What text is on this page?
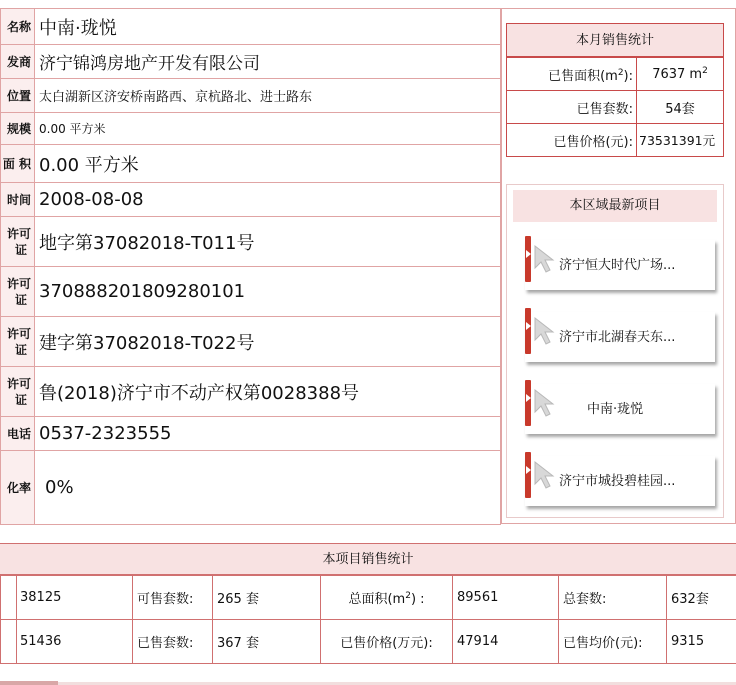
名称	中南·珑悦
发商	济宁锦鸿房地产开发有限公司
位置	太白湖新区济安桥南路西、京杭路北、进士路东
规模	0.00 平方米
面 积	0.00 平方米
时间	2008-08-08

许可
证	地字第37082018-T011号

许可
证	370888201809280101

许可
证	建字第37082018-T022号

许可
证	鲁(2018)济宁市不动产权第0028388号
电话	0537-2323555
化率	0%
本月销售统计
已售面积$(m^2)$:	7637 $m^2$
已售套数:	54套
已售价格(元):	73531391元
本区域最新项目
济宁恒大时代广场...
济宁市北湖春天东...
中南·珑悦
济宁市城投碧桂园...
本项目销售统计
	38125	可售套数:	265 套	总面积$(m^2)$ :	89561	总套数:	632套
	51436	已售套数:	367 套	已售价格(万元):	47914	已售均价(元):	9315
